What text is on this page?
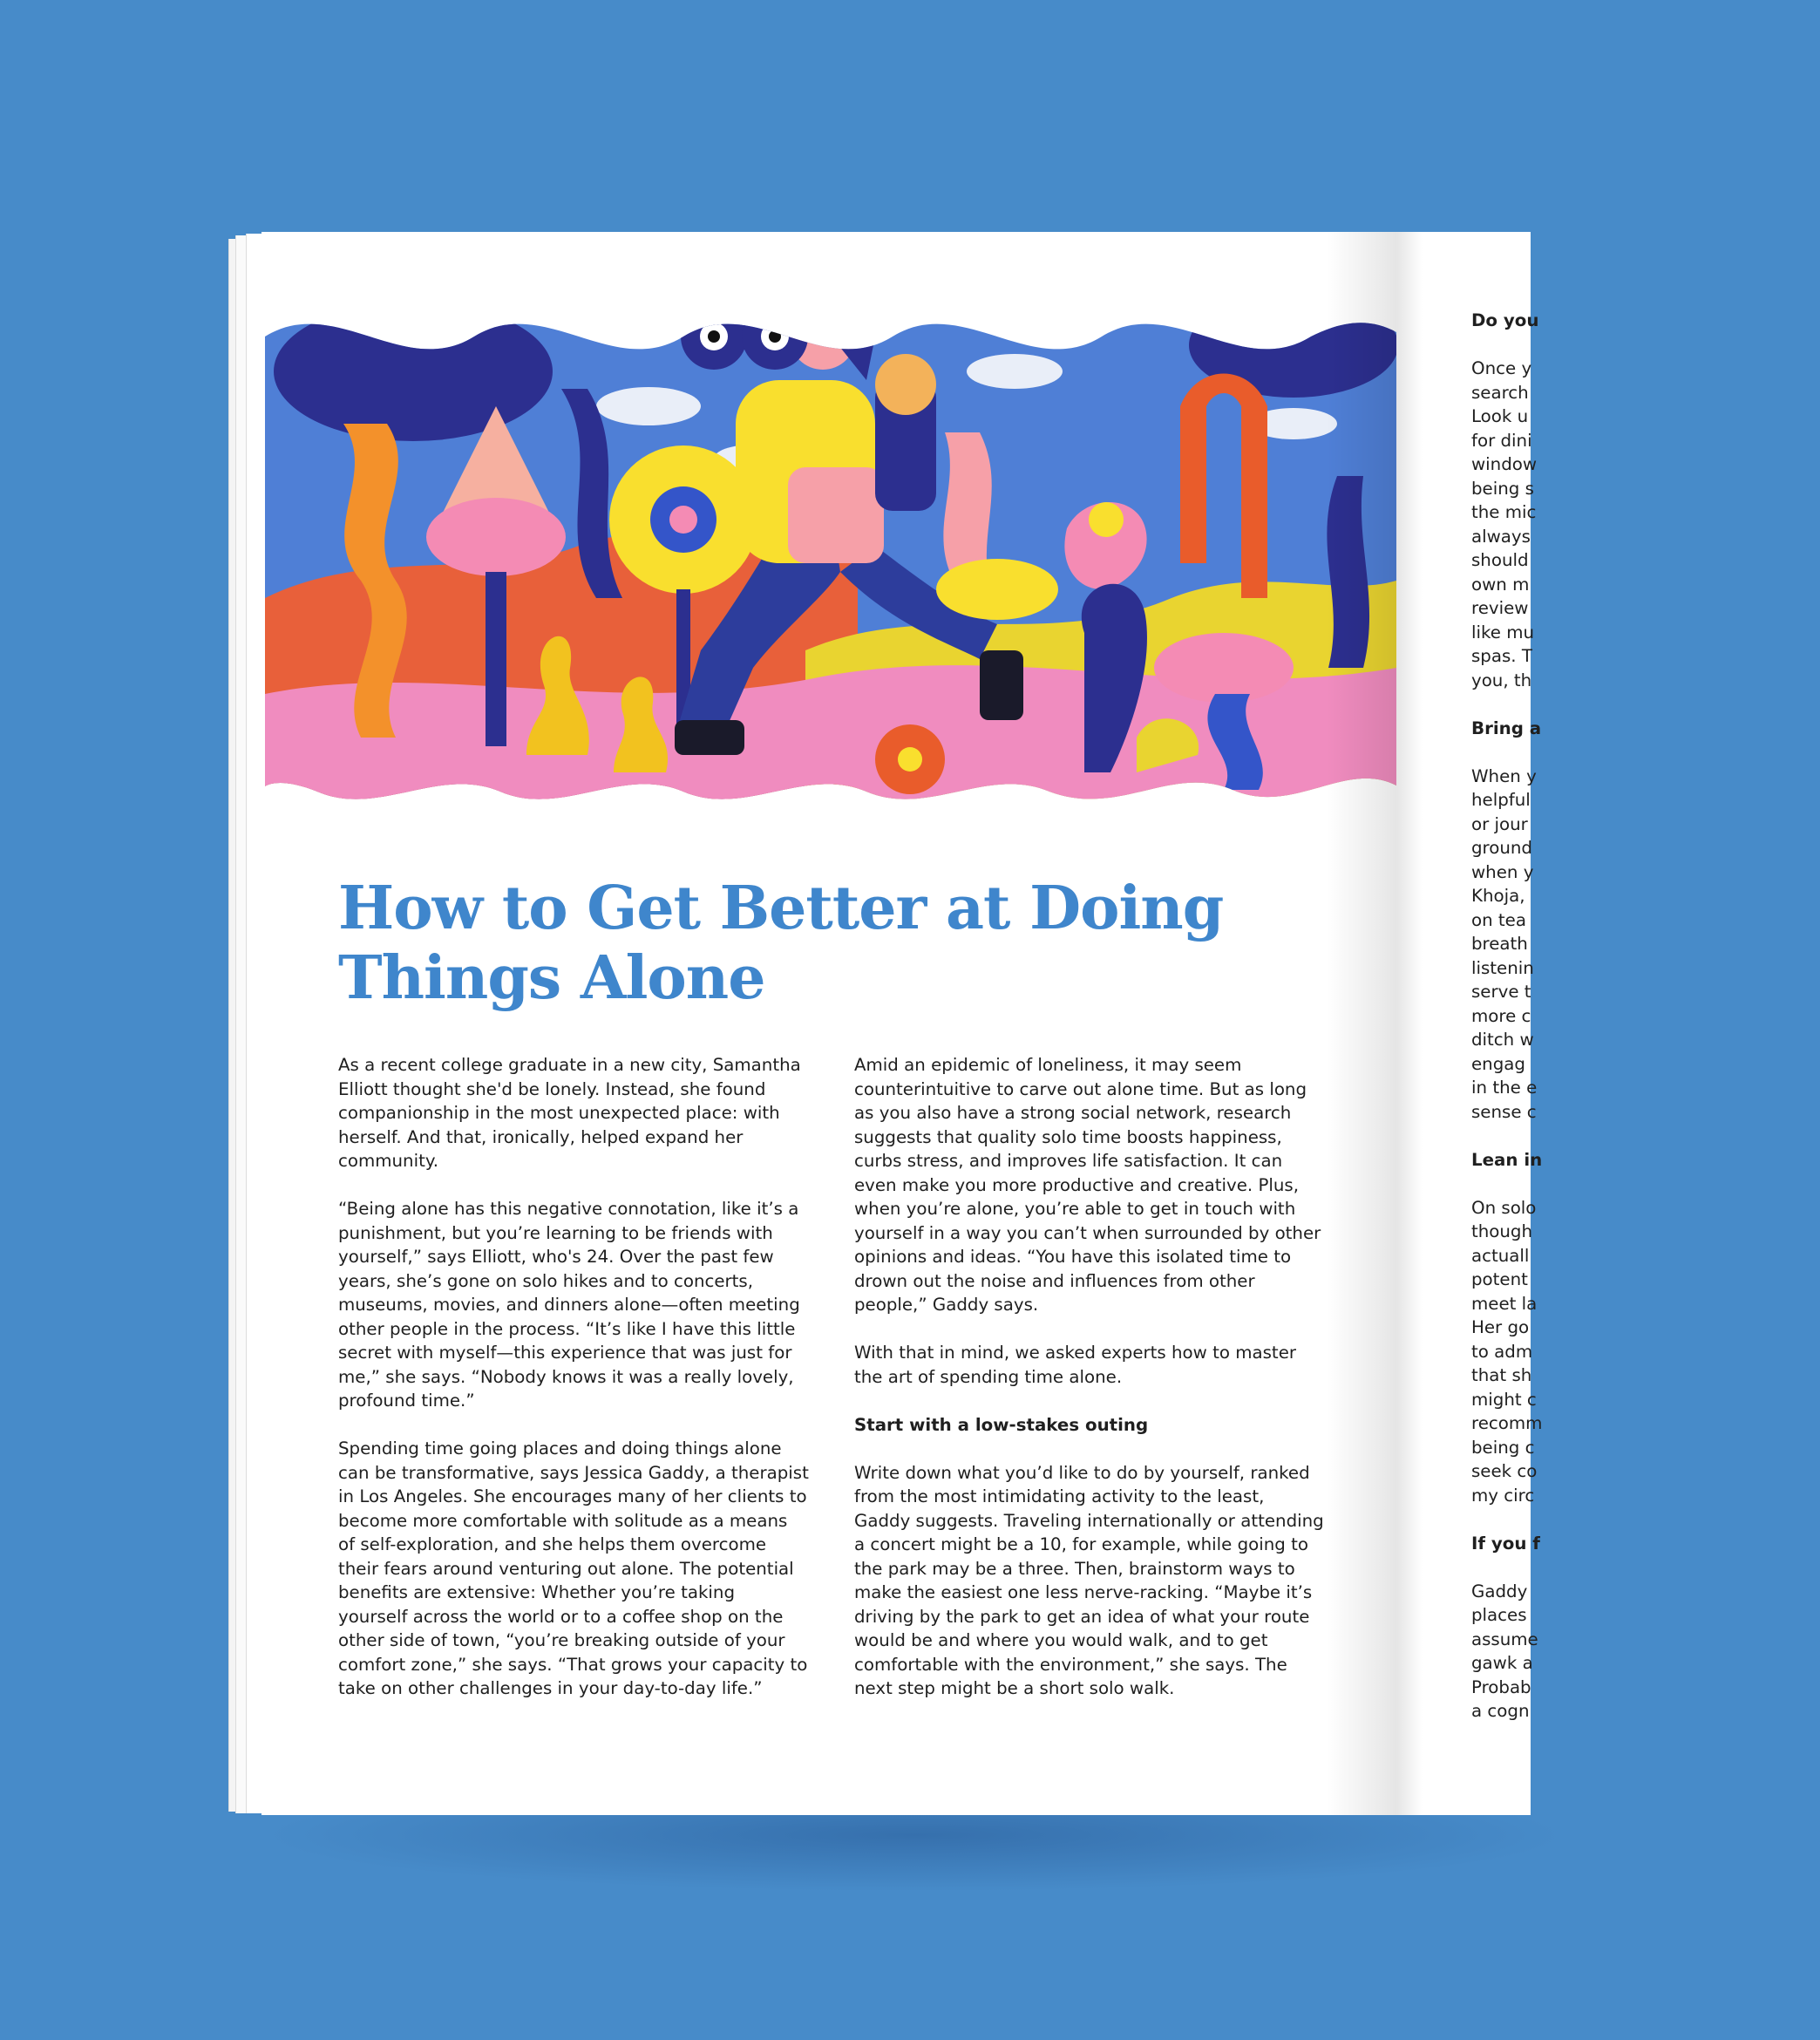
How to Get Better at Doing
Things Alone

As a recent college graduate in a new city, Samantha Elliott thought she'd be lonely. Instead, she found companionship in the most unexpected place: with herself. And that, ironically, helped expand her community.

“Being alone has this negative connotation, like it’s a punishment, but you’re learning to be friends with yourself,” says Elliott, who's 24. Over the past few years, she’s gone on solo hikes and to concerts, museums, movies, and dinners alone—often meeting other people in the process. “It’s like I have this little secret with myself—this experience that was just for me,” she says. “Nobody knows it was a really lovely, profound time.”

Spending time going places and doing things alone can be transformative, says Jessica Gaddy, a therapist in Los Angeles. She encourages many of her clients to become more comfortable with solitude as a means of self-exploration, and she helps them overcome their fears around venturing out alone. The potential benefits are extensive: Whether you’re taking yourself across the world or to a coffee shop on the other side of town, “you’re breaking outside of your comfort zone,” she says. “That grows your capacity to take on other challenges in your day-to-day life.”

Amid an epidemic of loneliness, it may seem counterintuitive to carve out alone time. But as long as you also have a strong social network, research suggests that quality solo time boosts happiness, curbs stress, and improves life satisfaction. It can even make you more productive and creative. Plus, when you’re alone, you’re able to get in touch with yourself in a way you can’t when surrounded by other opinions and ideas. “You have this isolated time to drown out the noise and influences from other people,” Gaddy says.

With that in mind, we asked experts how to master the art of spending time alone.

Start with a low-stakes outing

Write down what you’d like to do by yourself, ranked from the most intimidating activity to the least, Gaddy suggests. Traveling internationally or attending a concert might be a 10, for example, while going to the park may be a three. Then, brainstorm ways to make the easiest one less nerve-racking. “Maybe it’s driving by the park to get an idea of what your route would be and where you would walk, and to get comfortable with the environment,” she says. The next step might be a short solo walk.

Do you
Once y
search
Look u
for dini
window
being s
the mic
always
should
own m
review
like mu
spas. T
you, th
Bring a
When y
helpful
or jour
ground
when y
Khoja,
on tea
breath
listenin
serve t
more c
ditch w
engag
in the e
sense c
Lean in
On solo
though
actuall
potent
meet la
Her go
to adm
that sh
might c
recomm
being c
seek co
my circ
If you f
Gaddy
places
assume
gawk a
Probab
a cogn
